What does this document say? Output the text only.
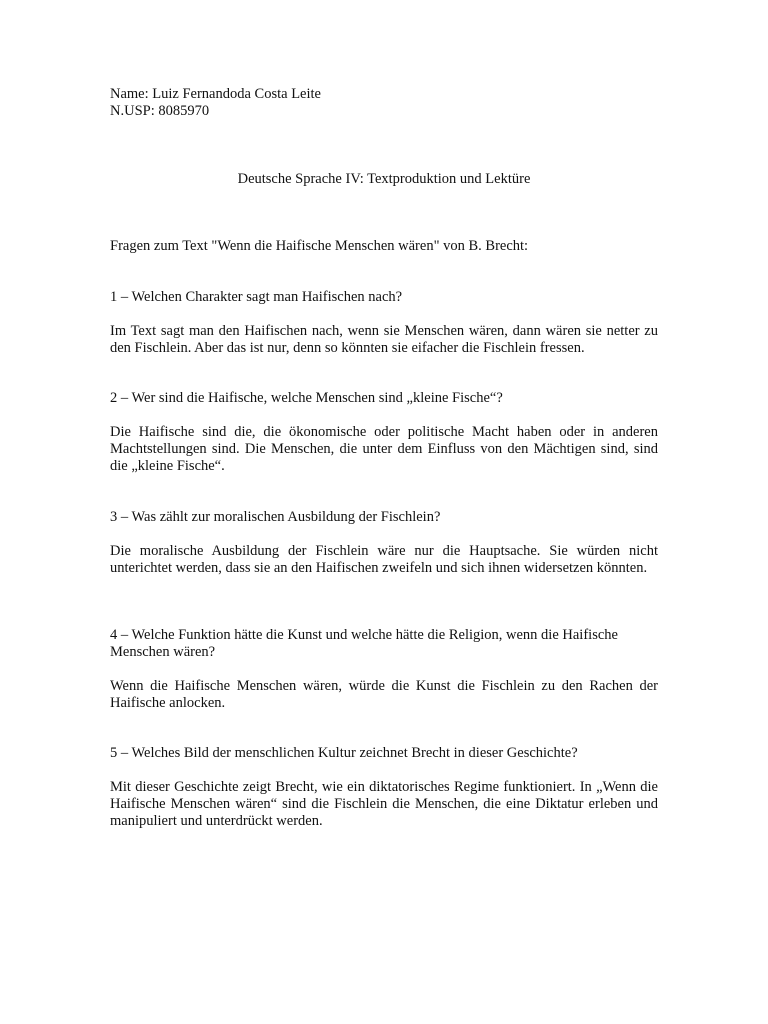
Name: Luiz Fernandoda Costa Leite

N.USP: 8085970

Deutsche Sprache IV: Textproduktion und Lektüre

Fragen zum Text "Wenn die Haifische Menschen wären" von B. Brecht:

1 – Welchen Charakter sagt man Haifischen nach?

Im Text sagt man den Haifischen nach, wenn sie Menschen wären, dann wären sie netter zu den Fischlein. Aber das ist nur, denn so könnten sie eifacher die Fischlein fressen.

2 – Wer sind die Haifische, welche Menschen sind „kleine Fische“?

Die Haifische sind die, die ökonomische oder politische Macht haben oder in anderen Machtstellungen sind. Die Menschen, die unter dem Einfluss von den Mächtigen sind, sind die „kleine Fische“.

3 – Was zählt zur moralischen Ausbildung der Fischlein?

Die moralische Ausbildung der Fischlein wäre nur die Hauptsache. Sie würden nicht unterichtet werden, dass sie an den Haifischen zweifeln und sich ihnen widersetzen könnten.

4 – Welche Funktion hätte die Kunst und welche hätte die Religion, wenn die Haifische Menschen wären?

Wenn die Haifische Menschen wären, würde die Kunst die Fischlein zu den Rachen der Haifische anlocken.

5 – Welches Bild der menschlichen Kultur zeichnet Brecht in dieser Geschichte?

Mit dieser Geschichte zeigt Brecht, wie ein diktatorisches Regime funktioniert. In „Wenn die Haifische Menschen wären“ sind die Fischlein die Menschen, die eine Diktatur erleben und manipuliert und unterdrückt werden.
